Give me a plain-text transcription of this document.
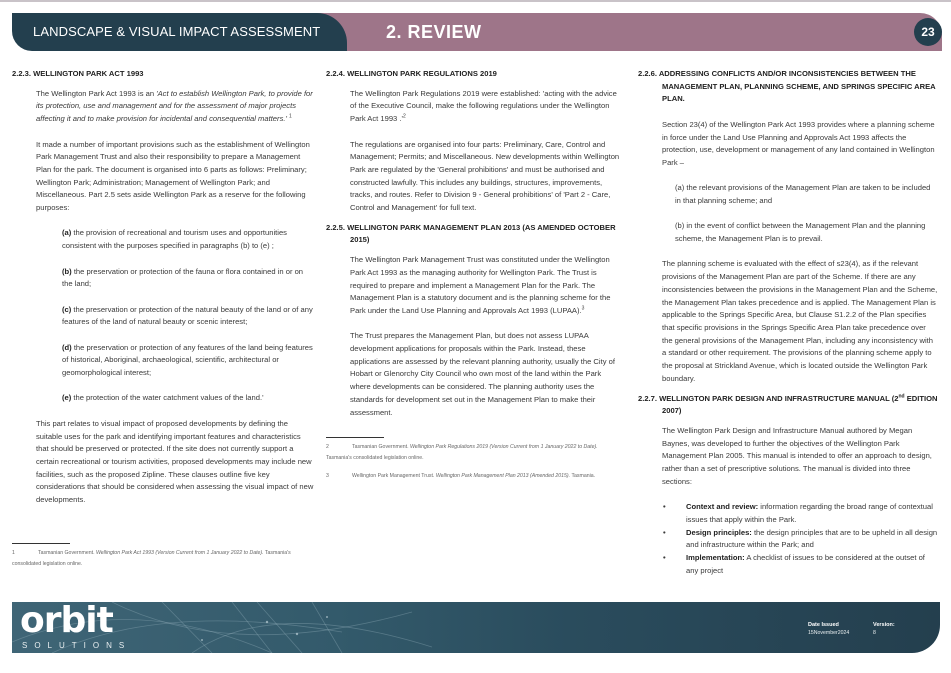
LANDSCAPE & VISUAL IMPACT ASSESSMENT	2. REVIEW	23

2.2.3. WELLINGTON PARK ACT 1993

The Wellington Park Act 1993 is an 'Act to establish Wellington Park, to provide for its protection, use and management and for the assessment of major projects affecting it and to make provision for incidental and consequential matters.' $^1$

It made a number of important provisions such as the establishment of Wellington Park Management Trust and also their responsibility to prepare a Management Plan for the park. The document is organised into 6 parts as follows: Preliminary; Wellington Park; Administration; Management of Wellington Park; and Miscellaneous. Part 2.5 sets aside Wellington Park as a reserve for the following purposes:

(a) the provision of recreational and tourism uses and opportunities consistent with the purposes specified in paragraphs (b) to (e) ;

(b) the preservation or protection of the fauna or flora contained in or on the land;

(c) the preservation or protection of the natural beauty of the land or of any features of the land of natural beauty or scenic interest;

(d) the preservation or protection of any features of the land being features of historical, Aboriginal, archaeological, scientific, architectural or geomorphological interest;

(e) the protection of the water catchment values of the land.'

This part relates to visual impact of proposed developments by defining the suitable uses for the park and identifying important features and characteristics that should be preserved or protected. If the site does not currently support a certain recreational or tourism activities, proposed developments may include new facilities, such as the proposed Zipline. These clauses outline five key considerations that should be considered when assessing the visual impact of new developments.

1	Tasmanian Government. Wellington Park Act 1993 (Version Current from 1 January 2022 to Date). Tasmania's consolidated legislation online.

2.2.4. WELLINGTON PARK REGULATIONS 2019

The Wellington Park Regulations 2019 were established: 'acting with the advice of the Executive Council, make the following regulations under the Wellington Park Act 1993 $.'^2$

The regulations are organised into four parts: Preliminary, Care, Control and Management; Permits; and Miscellaneous. New developments within Wellington Park are regulated by the 'General prohibitions' and must be authorised and constructed lawfully. This includes any buildings, structures, improvements, tracks, and routes. Refer to Division 9 - General prohibitions' of 'Part 2 - Care, Control and Management' for full text.

2.2.5. WELLINGTON PARK MANAGEMENT PLAN 2013 (AS AMENDED OCTOBER 2015)

The Wellington Park Management Trust was constituted under the Wellington Park Act 1993 as the managing authority for Wellington Park. The Trust is required to prepare and implement a Management Plan for the Park. The Management Plan is a statutory document and is the planning scheme for the Park under the Land Use Planning and Approvals Act 1993 (LUPAA).$^3$

The Trust prepares the Management Plan, but does not assess LUPAA development applications for proposals within the Park. Instead, these applications are assessed by the relevant planning authority, usually the City of Hobart or Glenorchy City Council who own most of the land within the Park where developments can be considered. The planning authority uses the standards for development set out in the Management Plan to make their assessment.

2	Tasmanian Government. Wellington Park Regulations 2019 (Version Current from 1 January 2022 to Date). Tasmania's consolidated legislation online.

3	Wellington Park Management Trust. Wellington Park Management Plan 2013 (Amended 2015). Tasmania.

2.2.6. ADDRESSING CONFLICTS AND/OR INCONSISTENCIES BETWEEN THE MANAGEMENT PLAN, PLANNING SCHEME, AND SPRINGS SPECIFIC AREA PLAN.

Section 23(4) of the Wellington Park Act 1993 provides where a planning scheme in force under the Land Use Planning and Approvals Act 1993 affects the protection, use, development or management of any land contained in Wellington Park –

(a) the relevant provisions of the Management Plan are taken to be included in that planning scheme; and

(b) in the event of conflict between the Management Plan and the planning scheme, the Management Plan is to prevail.

The planning scheme is evaluated with the effect of s23(4), as if the relevant provisions of the Management Plan are part of the Scheme. If there are any inconsistencies between the provisions in the Management Plan and the Scheme, the Management Plan takes precedence and is applied. The Management Plan is applicable to the Springs Specific Area, but Clause S1.2.2 of the Plan specifies that specific provisions in the Springs Specific Area Plan take precedence over the general provisions of the Management Plan, including any inconsistency with a standard or other requirement. The provisions of the planning scheme apply to the proposal at Strickland Avenue, which is located outside the Wellington Park boundary.

2.2.7. WELLINGTON PARK DESIGN AND INFRASTRUCTURE MANUAL (2nd EDITION 2007)

The Wellington Park Design and Infrastructure Manual authored by Megan Baynes, was developed to further the objectives of the Wellington Park Management Plan 2005. This manual is intended to offer an approach to design, rather than a set of prescriptive solutions. The manual is divided into three sections:

•	Context and review: information regarding the broad range of contextual issues that apply within the Park.
•	Design principles: the design principles that are to be upheld in all design and infrastructure within the Park; and
•	Implementation: A checklist of issues to be considered at the outset of any project
orbit
SOLUTIONS
Date Issued
15November2024
Version:
8
